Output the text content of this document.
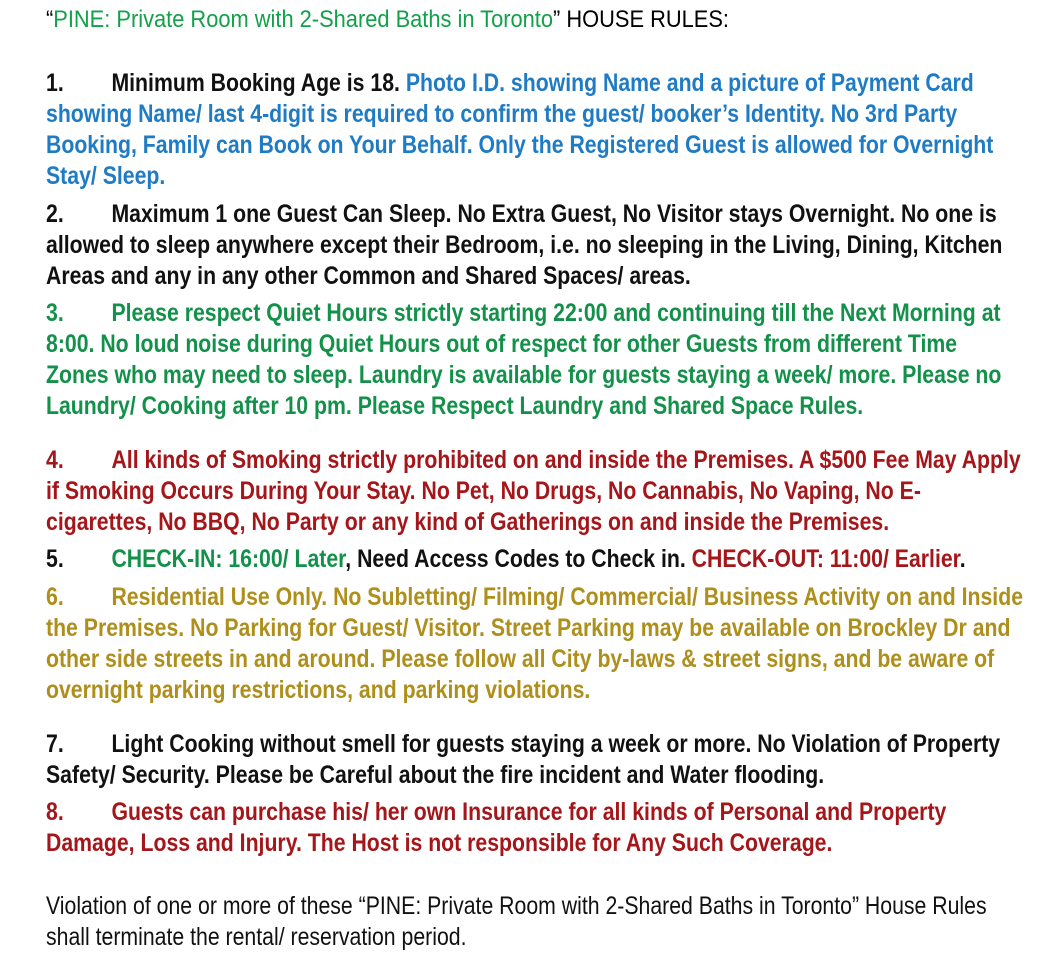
“PINE: Private Room with 2-Shared Baths in Toronto” HOUSE RULES:
1. Minimum Booking Age is 18. Photo I.D. showing Name and a picture of Payment Card showing Name/ last 4-digit is required to confirm the guest/ booker’s Identity. No 3rd Party Booking, Family can Book on Your Behalf. Only the Registered Guest is allowed for Overnight Stay/ Sleep.
2. Maximum 1 one Guest Can Sleep. No Extra Guest, No Visitor stays Overnight. No one is allowed to sleep anywhere except their Bedroom, i.e. no sleeping in the Living, Dining, Kitchen Areas and any in any other Common and Shared Spaces/ areas.
3. Please respect Quiet Hours strictly starting 22:00 and continuing till the Next Morning at 8:00. No loud noise during Quiet Hours out of respect for other Guests from different Time Zones who may need to sleep. Laundry is available for guests staying a week/ more. Please no Laundry/ Cooking after 10 pm. Please Respect Laundry and Shared Space Rules.
4. All kinds of Smoking strictly prohibited on and inside the Premises. A $500 Fee May Apply if Smoking Occurs During Your Stay. No Pet, No Drugs, No Cannabis, No Vaping, No E-cigarettes, No BBQ, No Party or any kind of Gatherings on and inside the Premises.
5. CHECK-IN: 16:00/ Later, Need Access Codes to Check in. CHECK-OUT: 11:00/ Earlier.
6. Residential Use Only. No Subletting/ Filming/ Commercial/ Business Activity on and Inside the Premises. No Parking for Guest/ Visitor. Street Parking may be available on Brockley Dr and other side streets in and around. Please follow all City by-laws & street signs, and be aware of overnight parking restrictions, and parking violations.
7. Light Cooking without smell for guests staying a week or more. No Violation of Property Safety/ Security. Please be Careful about the fire incident and Water flooding.
8. Guests can purchase his/ her own Insurance for all kinds of Personal and Property Damage, Loss and Injury. The Host is not responsible for Any Such Coverage.
Violation of one or more of these “PINE: Private Room with 2-Shared Baths in Toronto” House Rules shall terminate the rental/ reservation period.
